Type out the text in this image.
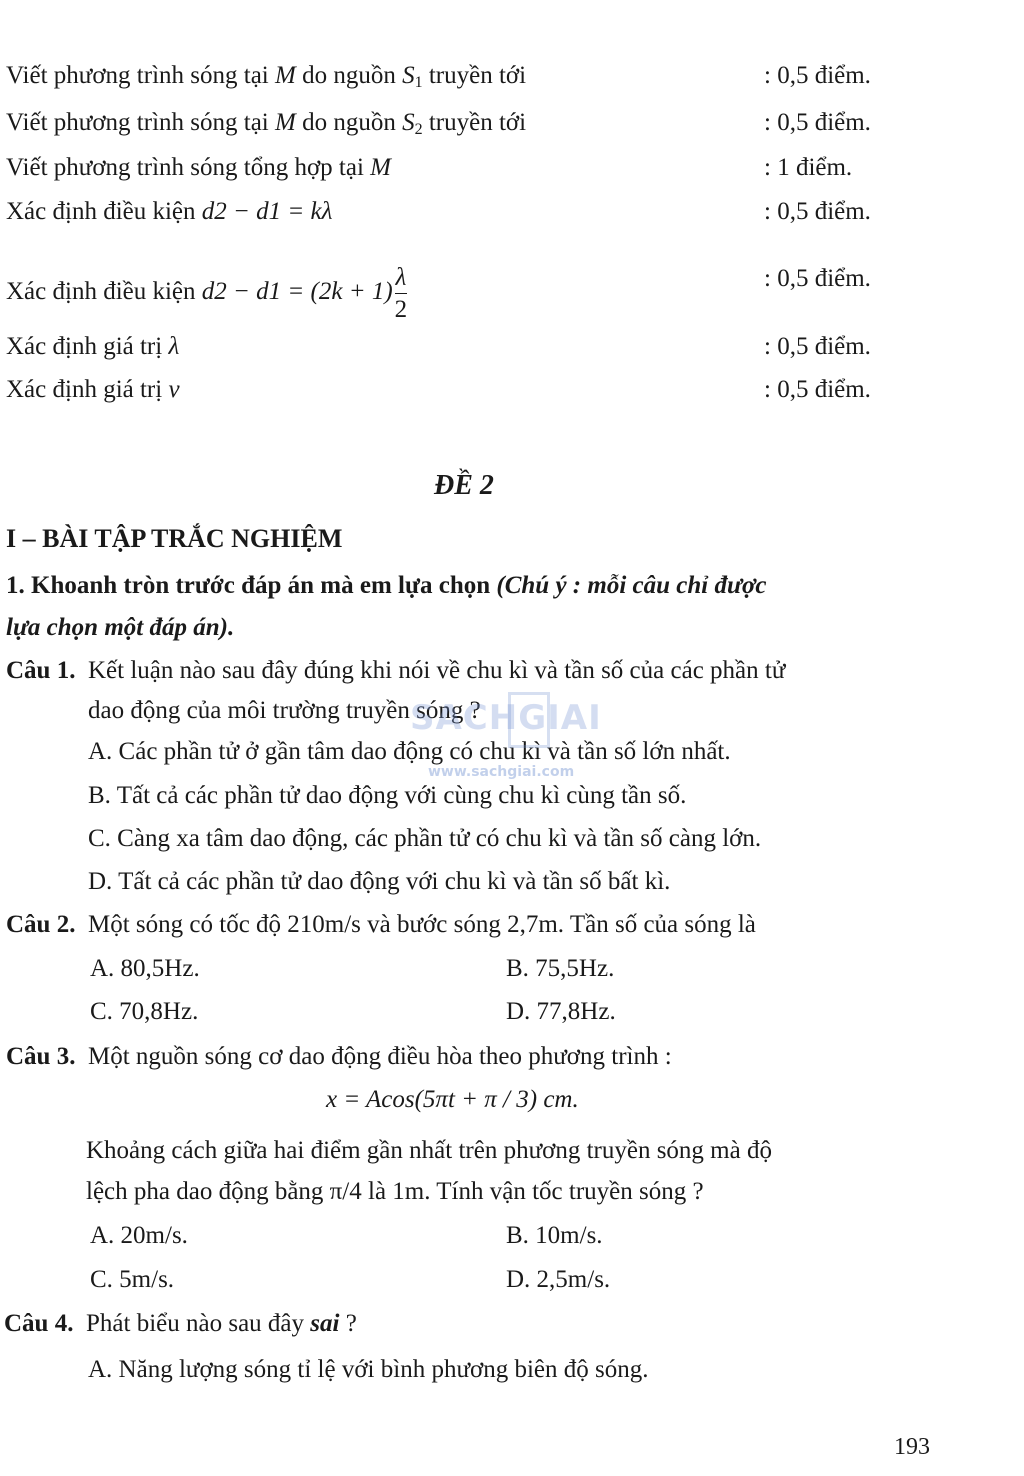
Viết phương trình sóng tại M do nguồn $S_1$ truyền tới	: 0,5 điểm.
Viết phương trình sóng tại M do nguồn $S_2$ truyền tới	: 0,5 điểm.
Viết phương trình sóng tổng hợp tại M	: 1 điểm.
Xác định điều kiện d2 − d1 = kλ	: 0,5 điểm.
Xác định điều kiện $d2 - d1 = (2k + 1) \frac{\lambda}{2}$	: 0,5 điểm.
Xác định giá trị λ	: 0,5 điểm.
Xác định giá trị v	: 0,5 điểm.
ĐỀ 2
I – BÀI TẬP TRẮC NGHIỆM
1. Khoanh tròn trước đáp án mà em lựa chọn (Chú ý : mỗi câu chỉ được
lựa chọn một đáp án).
Câu 1. Kết luận nào sau đây đúng khi nói về chu kì và tần số của các phần tử
dao động của môi trường truyền sóng ?
A. Các phần tử ở gần tâm dao động có chu kì và tần số lớn nhất.
B. Tất cả các phần tử dao động với cùng chu kì cùng tần số.
C. Càng xa tâm dao động, các phần tử có chu kì và tần số càng lớn.
D. Tất cả các phần tử dao động với chu kì và tần số bất kì.
Câu 2. Một sóng có tốc độ 210m/s và bước sóng 2,7m. Tần số của sóng là
A. 80,5Hz.	B. 75,5Hz.
C. 70,8Hz.	D. 77,8Hz.
Câu 3. Một nguồn sóng cơ dao động điều hòa theo phương trình :
x = Acos(5πt + π / 3) cm.
Khoảng cách giữa hai điểm gần nhất trên phương truyền sóng mà độ
lệch pha dao động bằng π/4 là 1m. Tính vận tốc truyền sóng ?
A. 20m/s.	B. 10m/s.
C. 5m/s.	D. 2,5m/s.
Câu 4. Phát biểu nào sau đây sai ?
A. Năng lượng sóng tỉ lệ với bình phương biên độ sóng.
SACHGIAI
www.sachgiai.com
193
